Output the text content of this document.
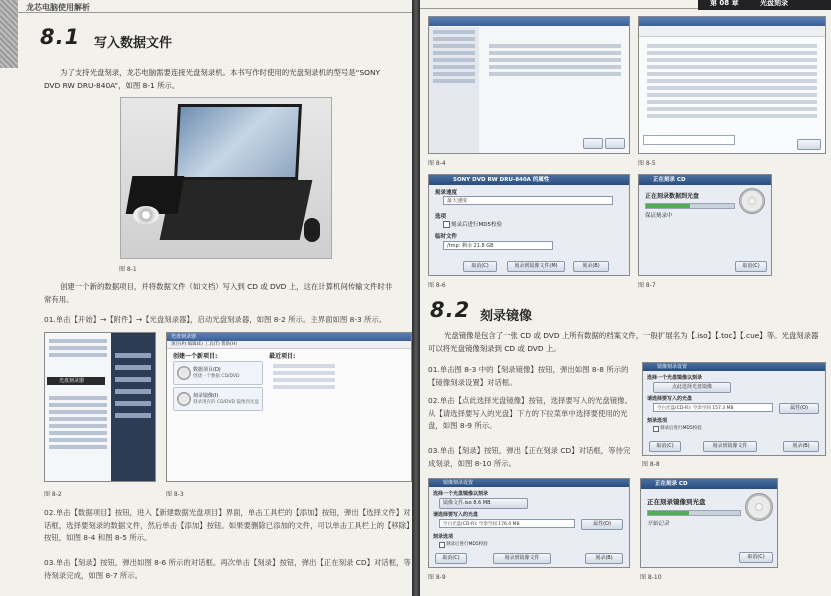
龙芯电脑使用解析
8.1 写入数据文件
为了支持光盘刻录，龙芯电脑需要连接光盘刻录机。本书写作时使用的光盘刻录机的型号是“SONY DVD RW DRU-840A”，如图 8-1 所示。
图 8-1
创建一个新的数据项目，并将数据文件（如文档）写入到 CD 或 DVD 上，这在计算机间传输文件时非常有用。
01.单击【开始】→【附件】→【光盘刻录器】，启动光盘刻录器，如图 8-2 所示。主界面如图 8-3 所示。
光盘刻录器
图 8-2
光盘刻录器
项目(P) 编辑(E) 工具(T) 帮助(H)
创建一个新项目:	最近项目:
数据项目(D)
创建一个数据 CD/DVD
刻录镜像(I)
刻录现有的 CD/DVD 镜像到光盘
图 8-3
02.单击【数据项目】按钮，进入【新建数据光盘项目】界面，单击工具栏的【添加】按钮，弹出【选择文件】对话框，选择要刻录的数据文件，然后单击【添加】按钮。如果要删除已添加的文件，可以单击工具栏上的【移除】按钮，如图 8-4 和图 8-5 所示。
03.单击【刻录】按钮，弹出如图 8-6 所示的对话框。再次单击【刻录】按钮，弹出【正在刻录 CD】对话框，等待刻录完成，如图 8-7 所示。
第 08 章	光盘刻录
图 8-4	图 8-5
SONY DVD RW DRU-840A 的属性
刻录速度
最大速度
选项
刻录后进行MD5校验
临时文件
/tmp: 剩余 21.8 GB
取消(C)	刻录到镜像文件(M)	刻录(B)
图 8-6
正在刻录 CD
正在刻录数据到光盘
保证刻录中
取消(C)
图 8-7
8.2 刻录镜像
光盘镜像是包含了一张 CD 或 DVD 上所有数据的档案文件，一般扩展名为【.iso】【.toc】【.cue】等。光盘刻录器可以将光盘镜像刻录到 CD 或 DVD 上。
01.单击图 8-3 中的【刻录镜像】按钮，弹出如图 8-8 所示的【镜像刻录设置】对话框。
02.单击【点此选择光盘镜像】按钮，选择要写入的光盘镜像。从【请选择要写入的光盘】下方的下拉菜单中选择要使用的光盘，如图 8-9 所示。
03.单击【刻录】按钮，弹出【正在刻录 CD】对话框，等待完成刻录，如图 8-10 所示。
镜像刻录设置
选择一个光盘镜像以刻录
点此选择光盘镜像
请选择要写入的光盘
空白光盘(CD-R): 空余空间 157.3 MB	属性(O)
刻录选项
刻录后进行MD5校验
取消(C)	刻录到镜像文件	刻录(B)
图 8-8
镜像刻录设置
选择一个光盘镜像以刻录
镜像文件.iso 8.6 MB
请选择要写入的光盘
空白光盘(CD-R): 空余空间 176.4 MB	属性(O)
刻录选项
刻录后进行MD5校验
取消(C)	刻录到镜像文件	刻录(B)
图 8-9
正在刻录 CD
正在刻录镜像到光盘
开始记录
取消(C)
图 8-10
